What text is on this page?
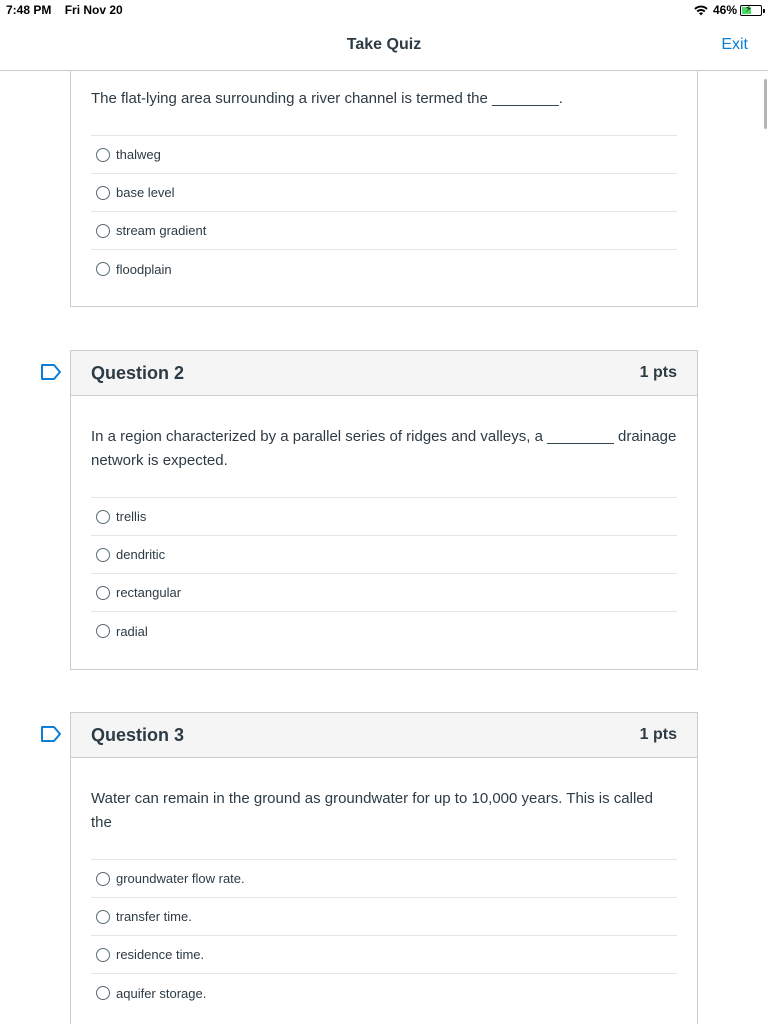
7:48 PM Fri Nov 20	46% ⚡
Take Quiz	Exit
The flat-lying area surrounding a river channel is termed the ________.
thalweg
base level
stream gradient
floodplain
Question 2	1 pts
In a region characterized by a parallel series of ridges and valleys, a ________ drainage network is expected.
trellis
dendritic
rectangular
radial
Question 3	1 pts
Water can remain in the ground as groundwater for up to 10,000 years. This is called the
groundwater flow rate.
transfer time.
residence time.
aquifer storage.
